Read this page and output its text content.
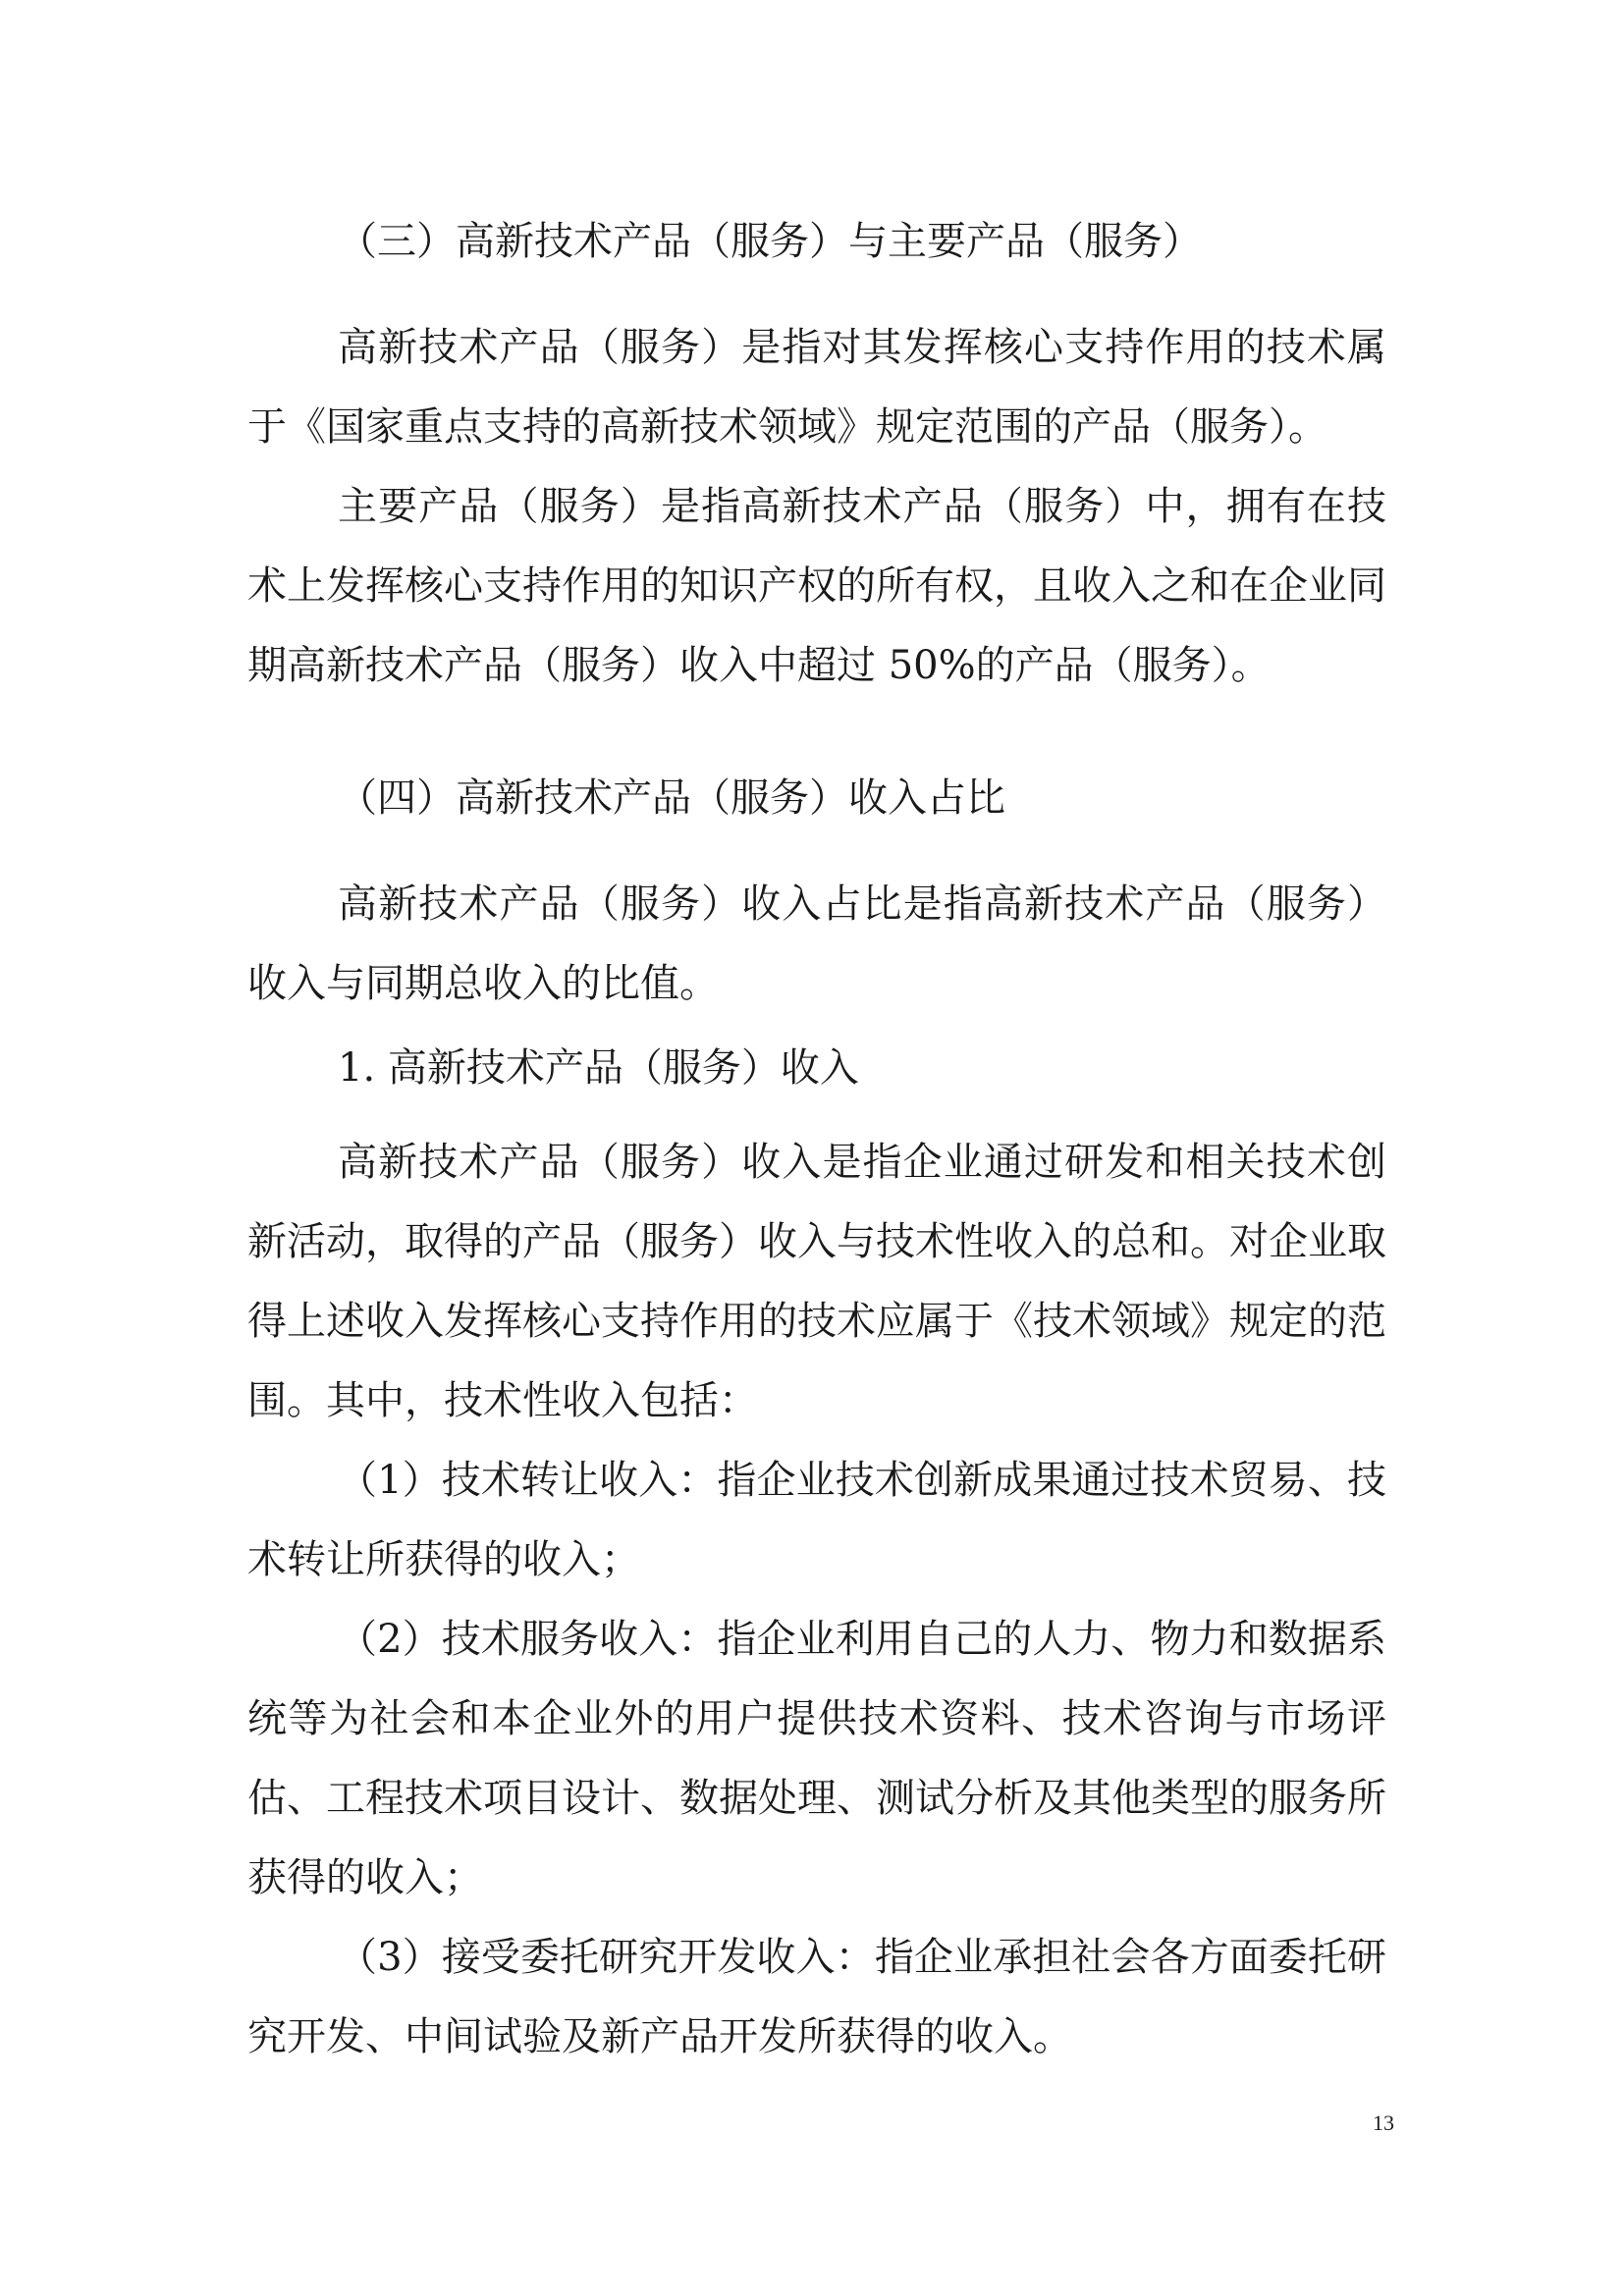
（三）高新技术产品（服务）与主要产品（服务）

高新技术产品（服务）是指对其发挥核心支持作用的技术属于《国家重点支持的高新技术领域》规定范围的产品（服务）。

主要产品（服务）是指高新技术产品（服务）中，拥有在技术上发挥核心支持作用的知识产权的所有权，且收入之和在企业同期高新技术产品（服务）收入中超过 50%的产品（服务）。

（四）高新技术产品（服务）收入占比

高新技术产品（服务）收入占比是指高新技术产品（服务）收入与同期总收入的比值。

1. 高新技术产品（服务）收入

高新技术产品（服务）收入是指企业通过研发和相关技术创新活动，取得的产品（服务）收入与技术性收入的总和。对企业取得上述收入发挥核心支持作用的技术应属于《技术领域》规定的范围。其中，技术性收入包括：

（1）技术转让收入：指企业技术创新成果通过技术贸易、技术转让所获得的收入；

（2）技术服务收入：指企业利用自己的人力、物力和数据系统等为社会和本企业外的用户提供技术资料、技术咨询与市场评估、工程技术项目设计、数据处理、测试分析及其他类型的服务所获得的收入；

（3）接受委托研究开发收入：指企业承担社会各方面委托研究开发、中间试验及新产品开发所获得的收入。

13
